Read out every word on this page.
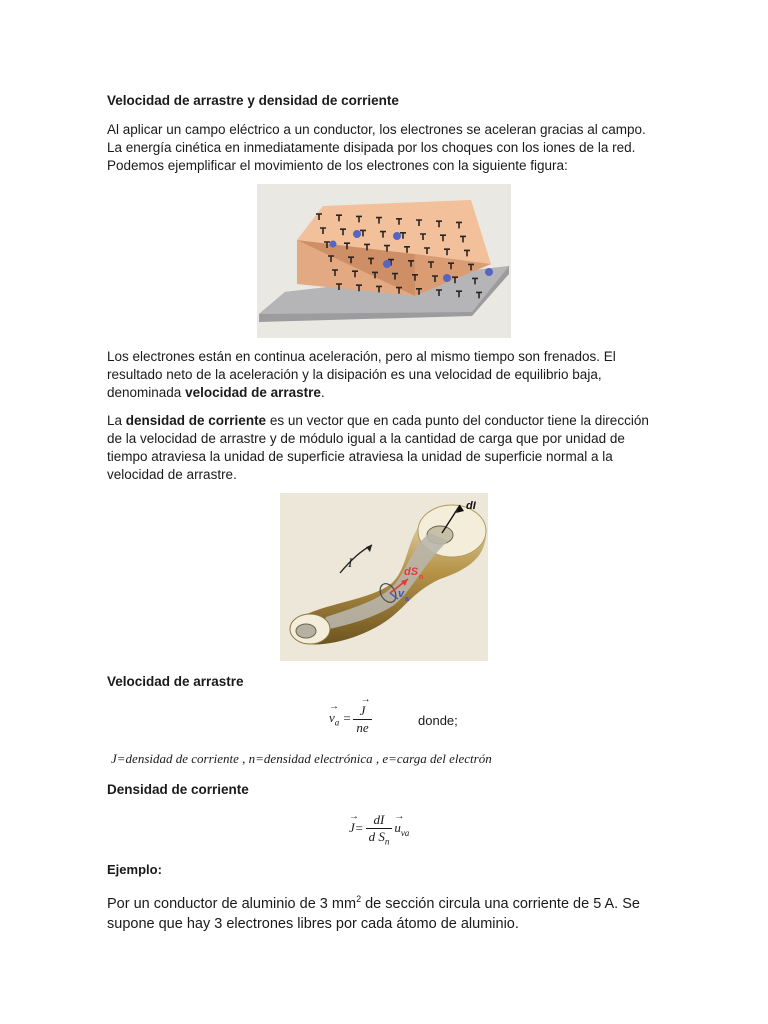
Velocidad de arrastre y densidad de corriente

Al aplicar un campo eléctrico a un conductor, los electrones se aceleran gracias al campo.
La energía cinética en inmediatamente disipada por los choques con los iones de la red.
Podemos ejemplificar el movimiento de los electrones con la siguiente figura:

Los electrones están en continua aceleración, pero al mismo tiempo son frenados. El
resultado neto de la aceleración y la disipación es una velocidad de equilibrio baja,
denominada velocidad de arrastre.

La densidad de corriente es un vector que en cada punto del conductor tiene la dirección
de la velocidad de arrastre y de módulo igual a la cantidad de carga que por unidad de
tiempo atraviesa la unidad de superficie atraviesa la unidad de superficie normal a la
velocidad de arrastre.

dI
I
dS n
v a
Velocidad de arrastre
v
→
$_a$ = J
→
ne	donde;
J=densidad de corriente , n=densidad electrónica , e=carga del electrón
Densidad de corriente
J
→
= $\frac{dI}{d S_n}$ u
→
$_{va}$
Ejemplo:

Por un conductor de aluminio de 3 $mm^2$ de sección circula una corriente de 5 A. Se
supone que hay 3 electrones libres por cada átomo de aluminio.
